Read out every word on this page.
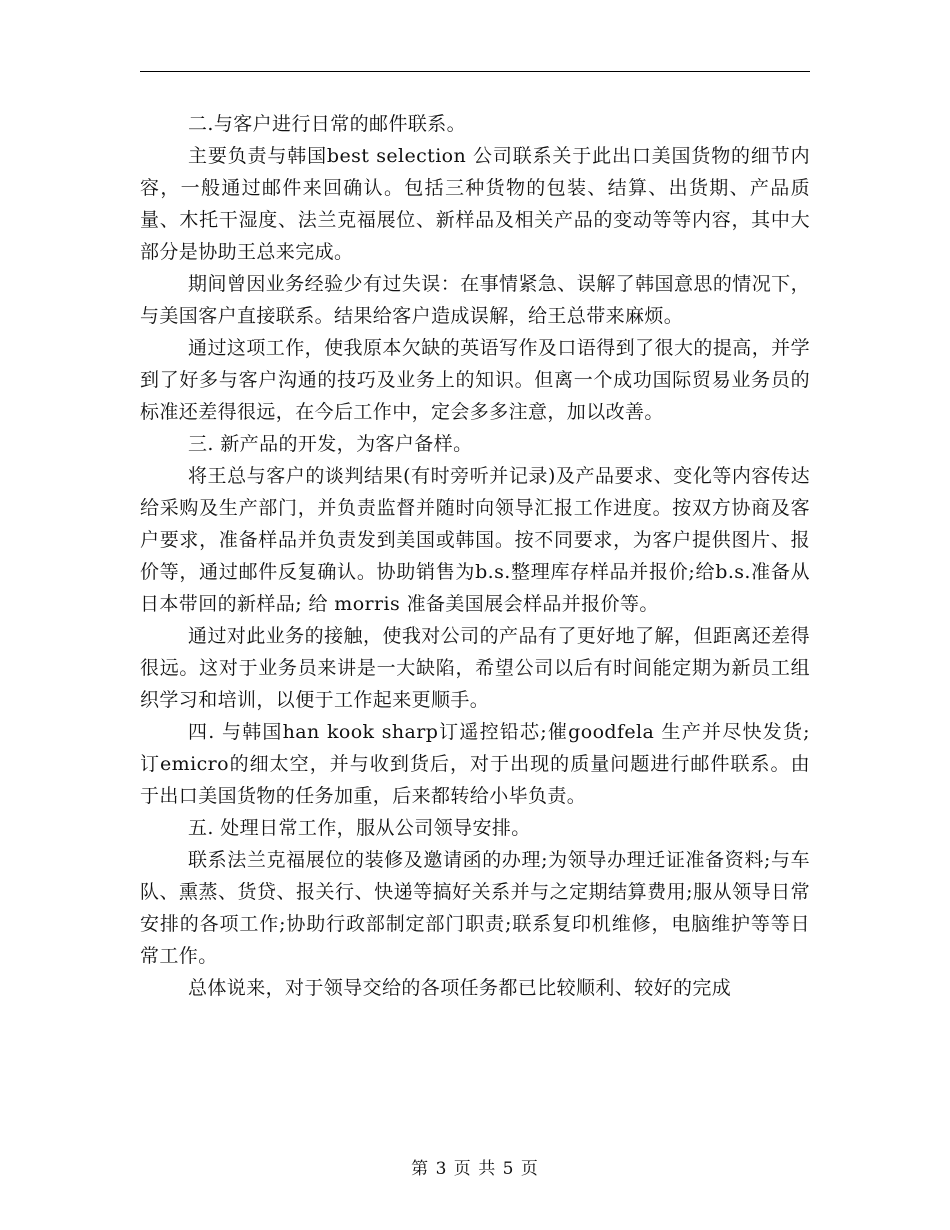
二.与客户进行日常的邮件联系。

主要负责与韩国best selection 公司联系关于此出口美国货物的细节内容，一般通过邮件来回确认。包括三种货物的包装、结算、出货期、产品质量、木托干湿度、法兰克福展位、新样品及相关产品的变动等等内容，其中大部分是协助王总来完成。

期间曾因业务经验少有过失误：在事情紧急、误解了韩国意思的情况下，与美国客户直接联系。结果给客户造成误解，给王总带来麻烦。

通过这项工作，使我原本欠缺的英语写作及口语得到了很大的提高，并学到了好多与客户沟通的技巧及业务上的知识。但离一个成功国际贸易业务员的标准还差得很远，在今后工作中，定会多多注意，加以改善。

三. 新产品的开发，为客户备样。

将王总与客户的谈判结果(有时旁听并记录)及产品要求、变化等内容传达给采购及生产部门，并负责监督并随时向领导汇报工作进度。按双方协商及客户要求，准备样品并负责发到美国或韩国。按不同要求，为客户提供图片、报价等，通过邮件反复确认。协助销售为b.s.整理库存样品并报价;给b.s.准备从日本带回的新样品; 给 morris 准备美国展会样品并报价等。

通过对此业务的接触，使我对公司的产品有了更好地了解，但距离还差得很远。这对于业务员来讲是一大缺陷，希望公司以后有时间能定期为新员工组织学习和培训，以便于工作起来更顺手。

四. 与韩国han kook sharp订遥控铅芯;催goodfela 生产并尽快发货;订emicro的细太空，并与收到货后，对于出现的质量问题进行邮件联系。由于出口美国货物的任务加重，后来都转给小毕负责。

五. 处理日常工作，服从公司领导安排。

联系法兰克福展位的装修及邀请函的办理;为领导办理迁证准备资料;与车队、熏蒸、货贷、报关行、快递等搞好关系并与之定期结算费用;服从领导日常安排的各项工作;协助行政部制定部门职责;联系复印机维修，电脑维护等等日常工作。

总体说来，对于领导交给的各项任务都已比较顺利、较好的完成

第 3 页 共 5 页
